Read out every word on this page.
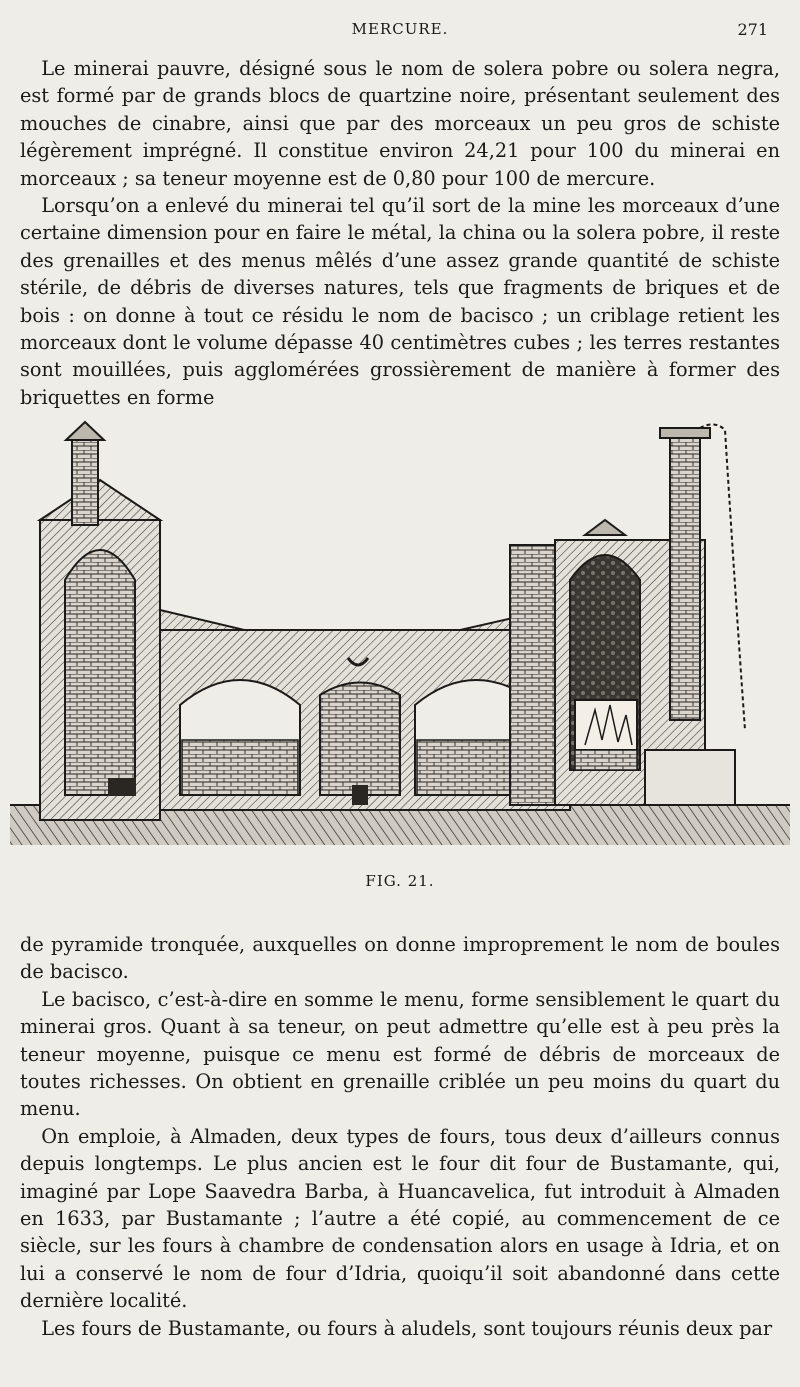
MERCURE.	271

Le minerai pauvre, désigné sous le nom de solera pobre ou solera negra, est formé par de grands blocs de quartzine noire, présentant seulement des mouches de cinabre, ainsi que par des morceaux un peu gros de schiste légèrement imprégné. Il constitue environ 24,21 pour 100 du minerai en morceaux ; sa teneur moyenne est de 0,80 pour 100 de mercure.

Lorsqu’on a enlevé du minerai tel qu’il sort de la mine les morceaux d’une certaine dimension pour en faire le métal, la china ou la solera pobre, il reste des grenailles et des menus mêlés d’une assez grande quantité de schiste stérile, de débris de diverses natures, tels que fragments de briques et de bois : on donne à tout ce résidu le nom de bacisco ; un criblage retient les morceaux dont le volume dépasse 40 centimètres cubes ; les terres restantes sont mouillées, puis agglomérées grossièrement de manière à former des briquettes en forme

FIG. 21.

de pyramide tronquée, auxquelles on donne improprement le nom de boules de bacisco.

Le bacisco, c’est-à-dire en somme le menu, forme sensiblement le quart du minerai gros. Quant à sa teneur, on peut admettre qu’elle est à peu près la teneur moyenne, puisque ce menu est formé de débris de morceaux de toutes richesses. On obtient en grenaille criblée un peu moins du quart du menu.

On emploie, à Almaden, deux types de fours, tous deux d’ailleurs connus depuis longtemps. Le plus ancien est le four dit four de Bustamante, qui, imaginé par Lope Saavedra Barba, à Huancavelica, fut introduit à Almaden en 1633, par Bustamante ; l’autre a été copié, au commencement de ce siècle, sur les fours à chambre de condensation alors en usage à Idria, et on lui a conservé le nom de four d’Idria, quoiqu’il soit abandonné dans cette dernière localité.

Les fours de Bustamante, ou fours à aludels, sont toujours réunis deux par
